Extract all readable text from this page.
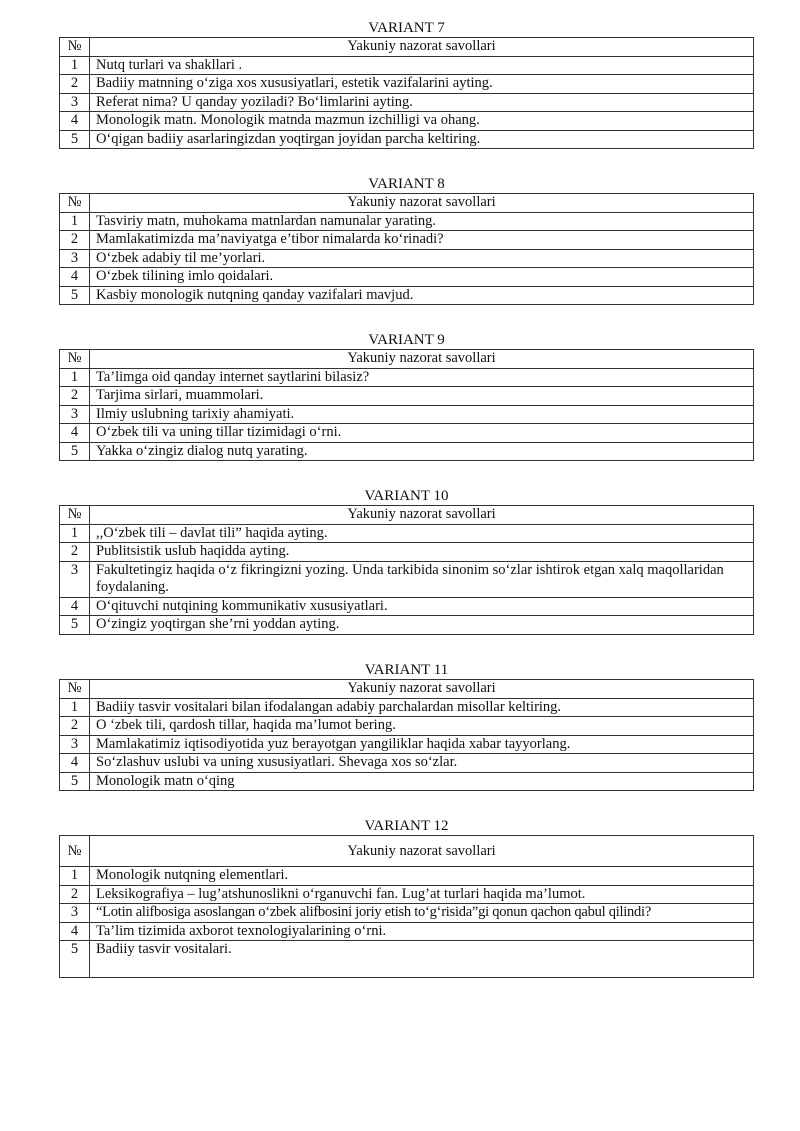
VARIANT 7
№	Yakuniy nazorat savollari
1	Nutq turlari va shakllari .
2	Badiiy matnning o‘ziga xos xususiyatlari, estetik vazifalarini ayting.
3	Referat nima? U qanday yoziladi? Bo‘limlarini ayting.
4	Monologik matn. Monologik matnda mazmun izchilligi va ohang.
5	O‘qigan badiiy asarlaringizdan yoqtirgan joyidan parcha keltiring.
VARIANT 8
№	Yakuniy nazorat savollari
1	Tasviriy matn, muhokama matnlardan namunalar yarating.
2	Mamlakatimizda ma’naviyatga e’tibor nimalarda ko‘rinadi?
3	O‘zbek adabiy til me’yorlari.
4	O‘zbek tilining imlo qoidalari.
5	Kasbiy monologik nutqning qanday vazifalari mavjud.
VARIANT 9
№	Yakuniy nazorat savollari
1	Ta’limga oid qanday internet saytlarini bilasiz?
2	Tarjima sirlari, muammolari.
3	Ilmiy uslubning tarixiy ahamiyati.
4	O‘zbek tili va uning tillar tizimidagi o‘rni.
5	Yakka o‘zingiz dialog nutq yarating.
VARIANT 10
№	Yakuniy nazorat savollari
1	,,O‘zbek tili – davlat tili” haqida ayting.
2	Publitsistik uslub haqidda ayting.
3	Fakultetingiz haqida o‘z fikringizni yozing. Unda tarkibida sinonim so‘zlar ishtirok etgan xalq maqollaridan foydalaning.
4	O‘qituvchi nutqining kommunikativ xususiyatlari.
5	O‘zingiz yoqtirgan she’rni yoddan ayting.
VARIANT 11
№	Yakuniy nazorat savollari
1	Badiiy tasvir vositalari bilan ifodalangan adabiy parchalardan misollar keltiring.
2	O ‘zbek tili, qardosh tillar, haqida ma’lumot bering.
3	Mamlakatimiz iqtisodiyotida yuz berayotgan yangiliklar haqida xabar tayyorlang.
4	So‘zlashuv uslubi va uning xususiyatlari. Shevaga xos so‘zlar.
5	Monologik matn o‘qing
VARIANT 12
№	Yakuniy nazorat savollari
1	Monologik nutqning elementlari.
2	Leksikografiya – lug’atshunoslikni o‘rganuvchi fan. Lug’at turlari haqida ma’lumot.
3	“Lotin alifbosiga asoslangan o‘zbek alifbosini joriy etish to‘g‘risida”gi qonun qachon qabul qilindi?
4	Ta’lim tizimida axborot texnologiyalarining o‘rni.
5	Badiiy tasvir vositalari.
